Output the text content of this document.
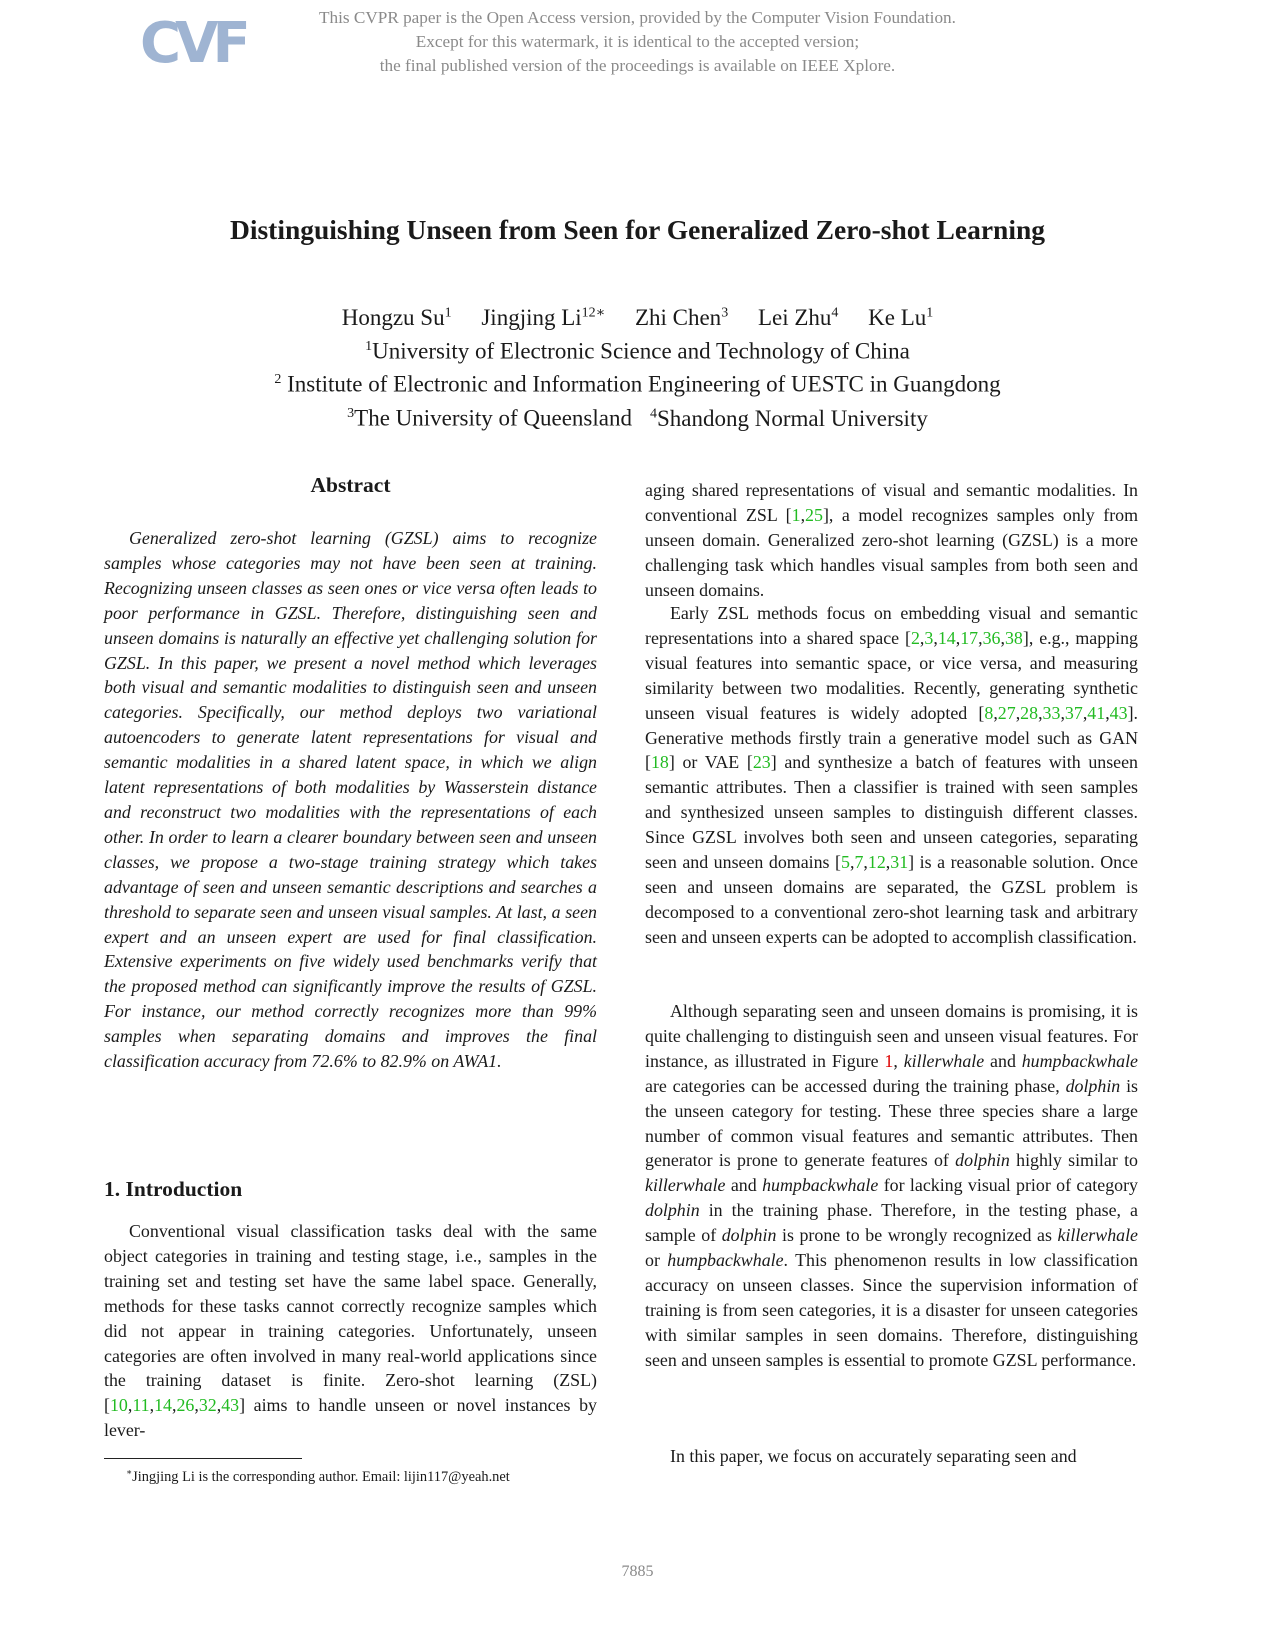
CVF	This CVPR paper is the Open Access version, provided by the Computer Vision Foundation.
Except for this watermark, it is identical to the accepted version;
the final published version of the proceedings is available on IEEE Xplore.
Distinguishing Unseen from Seen for Generalized Zero-shot Learning
Hongzu Su$^1$ Jingjing $Li^{12∗}$ Zhi Chen$^3$ Lei Zhu$^4$ Ke Lu$^1$
$^1$University of Electronic Science and Technology of China
$^2$ Institute of Electronic and Information Engineering of UESTC in Guangdong
$^3$The University of Queensland $^4$Shandong Normal University
Abstract
Generalized zero-shot learning (GZSL) aims to recognize samples whose categories may not have been seen at training. Recognizing unseen classes as seen ones or vice versa often leads to poor performance in GZSL. Therefore, distinguishing seen and unseen domains is naturally an effective yet challenging solution for GZSL. In this paper, we present a novel method which leverages both visual and semantic modalities to distinguish seen and unseen categories. Specifically, our method deploys two variational autoencoders to generate latent representations for visual and semantic modalities in a shared latent space, in which we align latent representations of both modalities by Wasserstein distance and reconstruct two modalities with the representations of each other. In order to learn a clearer boundary between seen and unseen classes, we propose a two-stage training strategy which takes advantage of seen and unseen semantic descriptions and searches a threshold to separate seen and unseen visual samples. At last, a seen expert and an unseen expert are used for final classification. Extensive experiments on five widely used benchmarks verify that the proposed method can significantly improve the results of GZSL. For instance, our method correctly recognizes more than 99% samples when separating domains and improves the final classification accuracy from 72.6% to 82.9% on AWA1.
1. Introduction
Conventional visual classification tasks deal with the same object categories in training and testing stage, i.e., samples in the training set and testing set have the same label space. Generally, methods for these tasks cannot correctly recognize samples which did not appear in training categories. Unfortunately, unseen categories are often involved in many real-world applications since the training dataset is finite. Zero-shot learning (ZSL) [10,11,14,26,32,43] aims to handle unseen or novel instances by lever-
∗Jingjing Li is the corresponding author. Email: lijin117@yeah.net
aging shared representations of visual and semantic modalities. In conventional ZSL [1,25], a model recognizes samples only from unseen domain. Generalized zero-shot learning (GZSL) is a more challenging task which handles visual samples from both seen and unseen domains.
Early ZSL methods focus on embedding visual and semantic representations into a shared space [2,3,14,17,36,38], e.g., mapping visual features into semantic space, or vice versa, and measuring similarity between two modalities. Recently, generating synthetic unseen visual features is widely adopted [8,27,28,33,37,41,43]. Generative methods firstly train a generative model such as GAN [18] or VAE [23] and synthesize a batch of features with unseen semantic attributes. Then a classifier is trained with seen samples and synthesized unseen samples to distinguish different classes. Since GZSL involves both seen and unseen categories, separating seen and unseen domains [5,7,12,31] is a reasonable solution. Once seen and unseen domains are separated, the GZSL problem is decomposed to a conventional zero-shot learning task and arbitrary seen and unseen experts can be adopted to accomplish classification.
Although separating seen and unseen domains is promising, it is quite challenging to distinguish seen and unseen visual features. For instance, as illustrated in Figure 1, killerwhale and humpbackwhale are categories can be accessed during the training phase, dolphin is the unseen category for testing. These three species share a large number of common visual features and semantic attributes. Then generator is prone to generate features of dolphin highly similar to killerwhale and humpbackwhale for lacking visual prior of category dolphin in the training phase. Therefore, in the testing phase, a sample of dolphin is prone to be wrongly recognized as killerwhale or humpbackwhale. This phenomenon results in low classification accuracy on unseen classes. Since the supervision information of training is from seen categories, it is a disaster for unseen categories with similar samples in seen domains. Therefore, distinguishing seen and unseen samples is essential to promote GZSL performance.
In this paper, we focus on accurately separating seen and
7885
